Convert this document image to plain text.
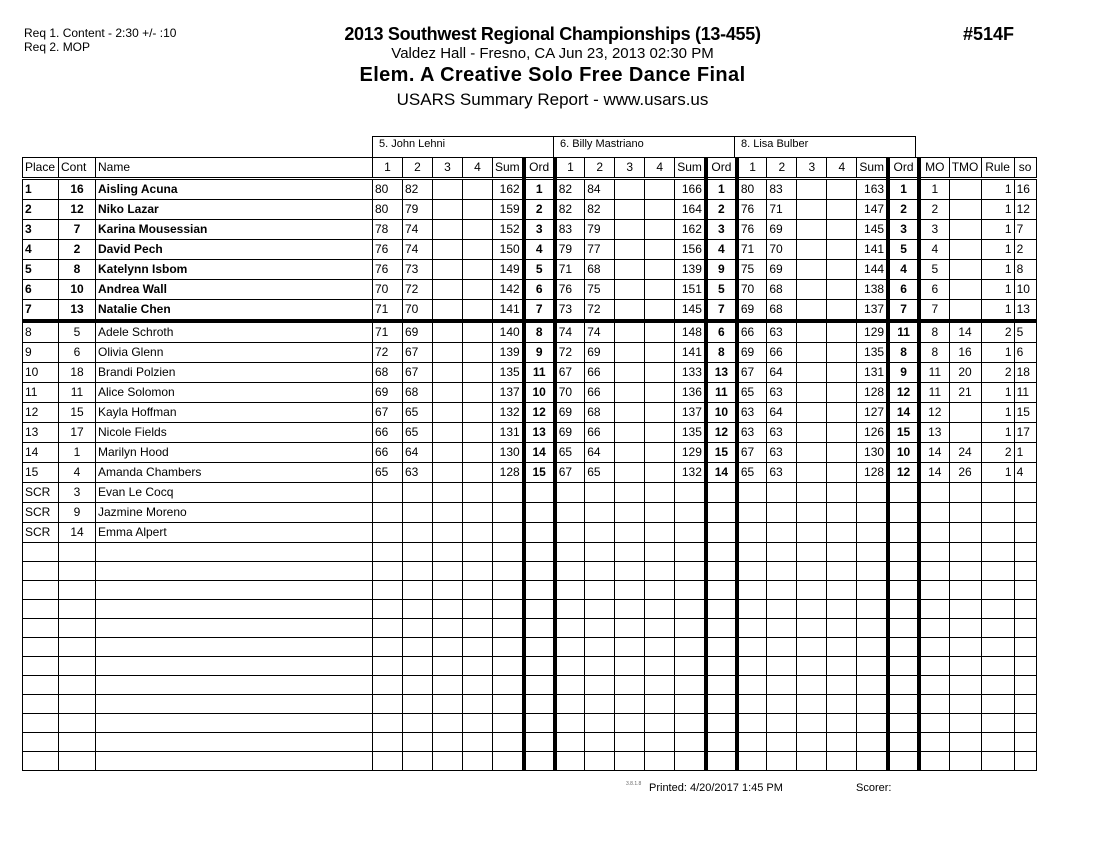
Req 1. Content - 2:30 +/- :10
Req 2. MOP
2013 Southwest Regional Championships (13-455)
Valdez Hall - Fresno, CA Jun 23, 2013 02:30 PM
Elem. A Creative Solo Free Dance Final
USARS Summary Report - www.usars.us
#514F
5. John Lehni	6. Billy Mastriano	8. Lisa Bulber
Place	Cont	Name	1	2	3	4	Sum	Ord	1	2	3	4	Sum	Ord	1	2	3	4	Sum	Ord	MO	TMO	Rule	so
1	16	Aisling Acuna	80	82			162	1	82	84			166	1	80	83			163	1	1		1	16
2	12	Niko Lazar	80	79			159	2	82	82			164	2	76	71			147	2	2		1	12
3	7	Karina Mousessian	78	74			152	3	83	79			162	3	76	69			145	3	3		1	7
4	2	David Pech	76	74			150	4	79	77			156	4	71	70			141	5	4		1	2
5	8	Katelynn Isbom	76	73			149	5	71	68			139	9	75	69			144	4	5		1	8
6	10	Andrea Wall	70	72			142	6	76	75			151	5	70	68			138	6	6		1	10
7	13	Natalie Chen	71	70			141	7	73	72			145	7	69	68			137	7	7		1	13
8	5	Adele Schroth	71	69			140	8	74	74			148	6	66	63			129	11	8	14	2	5
9	6	Olivia Glenn	72	67			139	9	72	69			141	8	69	66			135	8	8	16	1	6
10	18	Brandi Polzien	68	67			135	11	67	66			133	13	67	64			131	9	11	20	2	18
11	11	Alice Solomon	69	68			137	10	70	66			136	11	65	63			128	12	11	21	1	11
12	15	Kayla Hoffman	67	65			132	12	69	68			137	10	63	64			127	14	12		1	15
13	17	Nicole Fields	66	65			131	13	69	66			135	12	63	63			126	15	13		1	17
14	1	Marilyn Hood	66	64			130	14	65	64			129	15	67	63			130	10	14	24	2	1
15	4	Amanda Chambers	65	63			128	15	67	65			132	14	65	63			128	12	14	26	1	4
SCR	3	Evan Le Cocq																						
SCR	9	Jazmine Moreno																						
SCR	14	Emma Alpert																						

3.8.1.8 Printed: 4/20/2017 1:45 PM	Scorer:
